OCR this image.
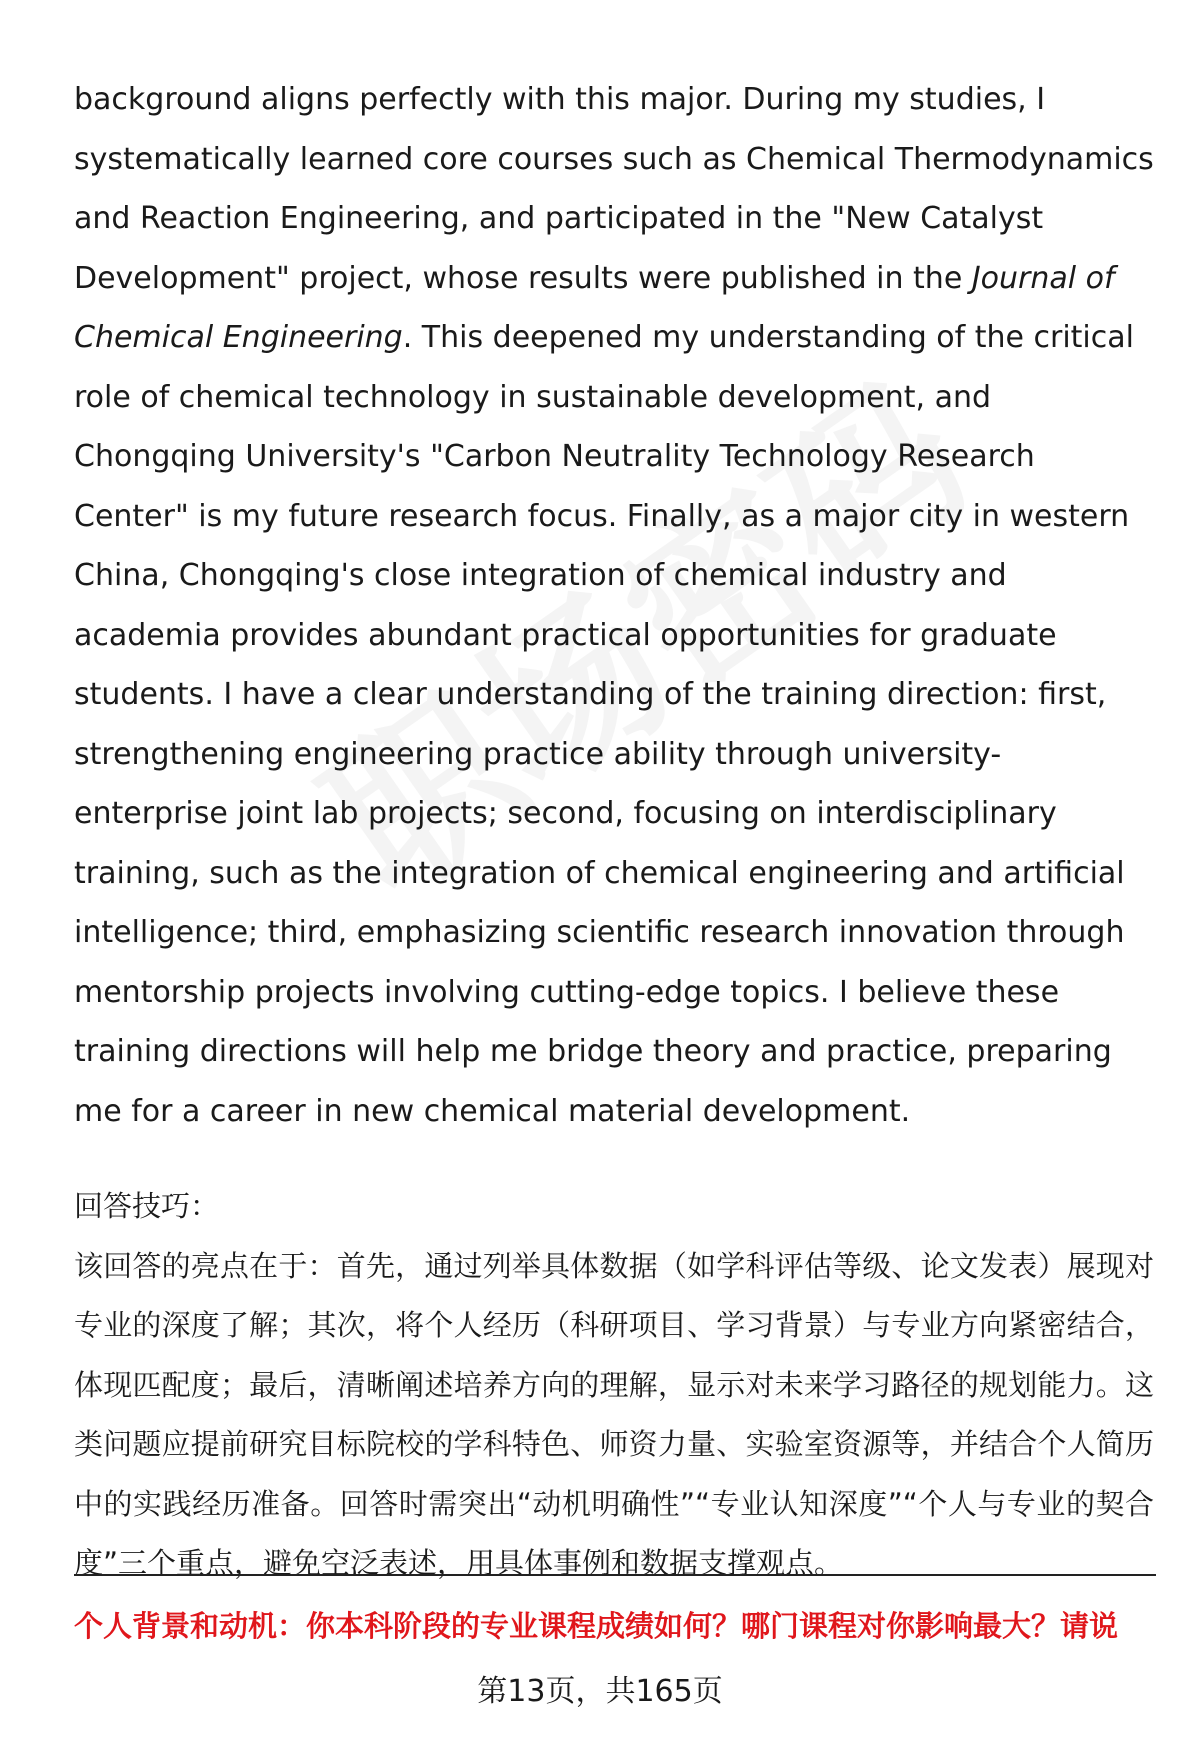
background aligns perfectly with this major. During my studies, I systematically learned core courses such as Chemical Thermodynamics and Reaction Engineering, and participated in the "New Catalyst Development" project, whose results were published in the Journal of Chemical Engineering. This deepened my understanding of the critical role of chemical technology in sustainable development, and Chongqing University's "Carbon Neutrality Technology Research Center" is my future research focus. Finally, as a major city in western China, Chongqing's close integration of chemical industry and academia provides abundant practical opportunities for graduate students. I have a clear understanding of the training direction: first, strengthening engineering practice ability through university-enterprise joint lab projects; second, focusing on interdisciplinary training, such as the integration of chemical engineering and artificial intelligence; third, emphasizing scientific research innovation through mentorship projects involving cutting-edge topics. I believe these training directions will help me bridge theory and practice, preparing me for a career in new chemical material development.

回答技巧：

该回答的亮点在于：首先，通过列举具体数据（如学科评估等级、论文发表）展现对专业的深度了解；其次，将个人经历（科研项目、学习背景）与专业方向紧密结合，体现匹配度；最后，清晰阐述培养方向的理解，显示对未来学习路径的规划能力。这类问题应提前研究目标院校的学科特色、师资力量、实验室资源等，并结合个人简历中的实践经历准备。回答时需突出“动机明确性”“专业认知深度”“个人与专业的契合度”三个重点，避免空泛表述，用具体事例和数据支撑观点。

个人背景和动机：你本科阶段的专业课程成绩如何？哪门课程对你影响最大？请说
第13页，共165页
